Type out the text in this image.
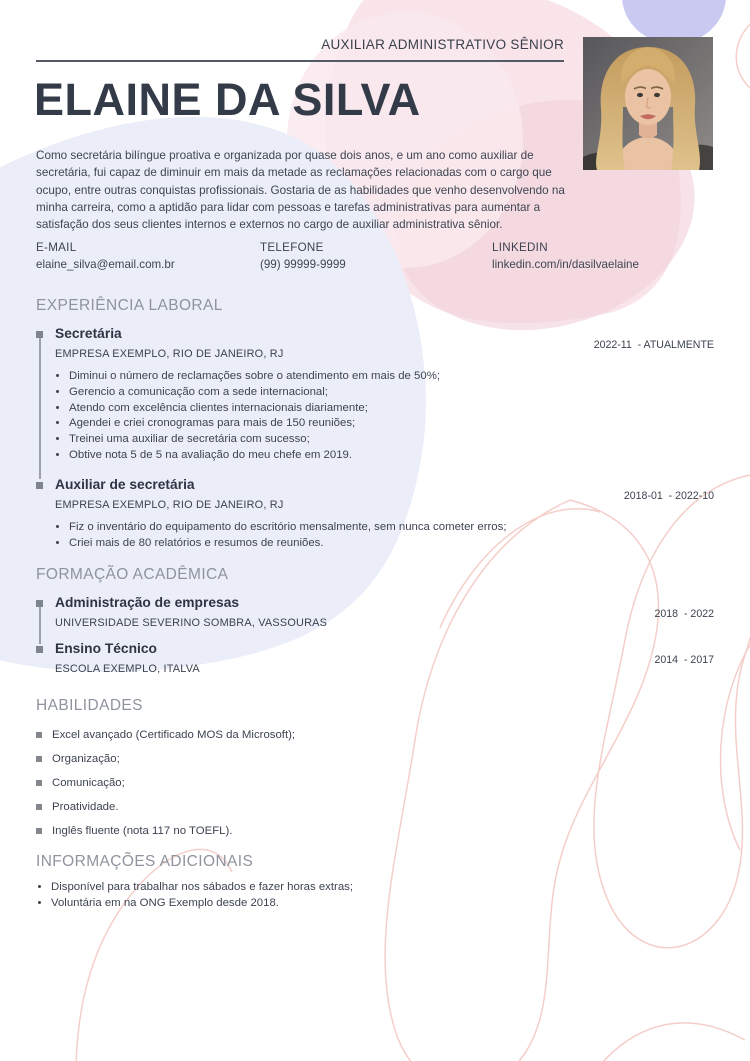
AUXILIAR ADMINISTRATIVO SÊNIOR
ELAINE DA SILVA

Como secretária bilíngue proativa e organizada por quase dois anos, e um ano como auxiliar de secretária, fui capaz de diminuir em mais da metade as reclamações relacionadas com o cargo que ocupo, entre outras conquistas profissionais. Gostaria de as habilidades que venho desenvolvendo na minha carreira, como a aptidão para lidar com pessoas e tarefas administrativas para aumentar a satisfação dos seus clientes internos e externos no cargo de auxiliar administrativa sênior.

E-MAIL
elaine_silva@email.com.br
TELEFONE
(99) 99999-9999
LINKEDIN
linkedin.com/in/dasilvaelaine
EXPERIÊNCIA LABORAL
Secretária
EMPRESA EXEMPLO, RIO DE JANEIRO, RJ
2022-11  - ATUALMENTE
• Diminui o número de reclamações sobre o atendimento em mais de 50%;
• Gerencio a comunicação com a sede internacional;
• Atendo com excelência clientes internacionais diariamente;
• Agendei e criei cronogramas para mais de 150 reuniões;
• Treinei uma auxiliar de secretária com sucesso;
• Obtive nota 5 de 5 na avaliação do meu chefe em 2019.
Auxiliar de secretária
EMPRESA EXEMPLO, RIO DE JANEIRO, RJ
2018-01  - 2022-10
• Fiz o inventário do equipamento do escritório mensalmente, sem nunca cometer erros;
• Criei mais de 80 relatórios e resumos de reuniões.
FORMAÇÃO ACADÊMICA
Administração de empresas
UNIVERSIDADE SEVERINO SOMBRA, VASSOURAS
2018  - 2022
Ensino Técnico
ESCOLA EXEMPLO, ITALVA
2014  - 2017
HABILIDADES
Excel avançado (Certificado MOS da Microsoft);
Organização;
Comunicação;
Proatividade.
Inglês fluente (nota 117 no TOEFL).
INFORMAÇÕES ADICIONAIS
• Disponível para trabalhar nos sábados e fazer horas extras;
• Voluntária em na ONG Exemplo desde 2018.
